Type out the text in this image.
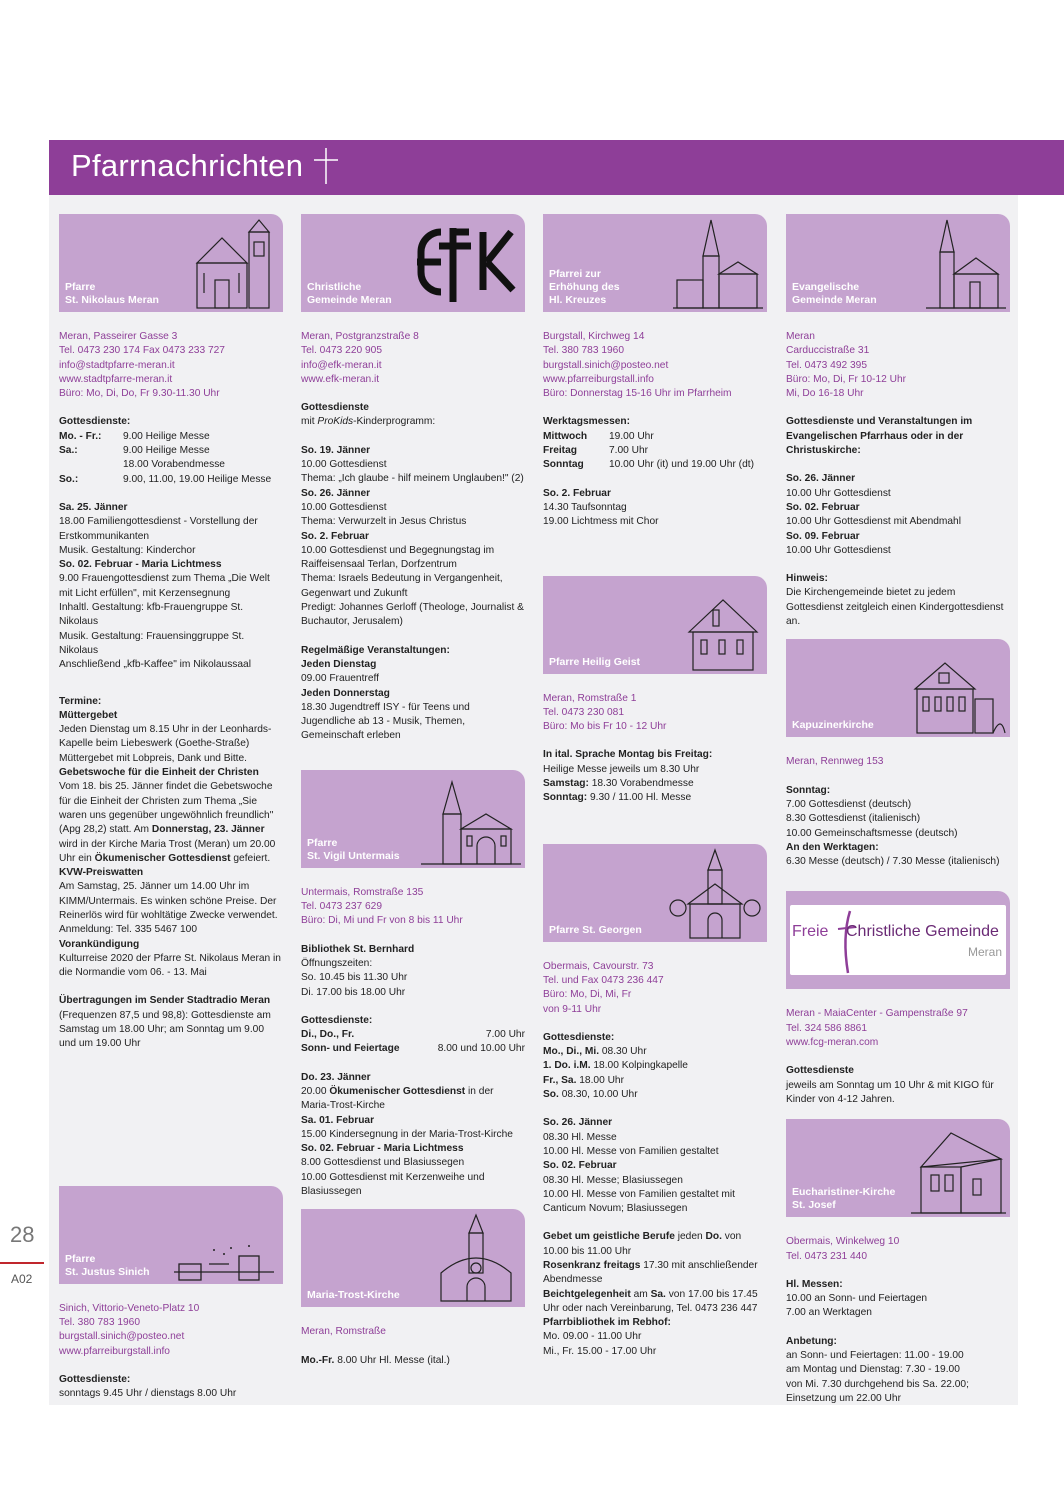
Pfarrnachrichten
28
A02
Pfarre
St. Nikolaus Meran
Meran, Passeirer Gasse 3
Tel. 0473 230 174 Fax 0473 233 727
info@stadtpfarre-meran.it
www.stadtpfarre-meran.it
Büro: Mo, Di, Do, Fr 9.30-11.30 Uhr
Gottesdienste:
Mo. - Fr.:	9.00 Heilige Messe
Sa.:	9.00 Heilige Messe
18.00 Vorabendmesse
So.:	9.00, 11.00, 19.00 Heilige Messe
Sa. 25. Jänner
18.00 Familiengottesdienst - Vorstellung der Erstkommunikanten
Musik. Gestaltung: Kinderchor
So. 02. Februar - Maria Lichtmess
9.00 Frauengottesdienst zum Thema „Die Welt mit Licht erfüllen", mit Kerzensegnung
Inhaltl. Gestaltung: kfb-Frauengruppe St. Nikolaus
Musik. Gestaltung: Frauensinggruppe St. Nikolaus
Anschließend „kfb-Kaffee" im Nikolaussaal
Termine:
Müttergebet
Jeden Dienstag um 8.15 Uhr in der Leonhards-Kapelle beim Liebeswerk (Goethe-Straße) Müttergebet mit Lobpreis, Dank und Bitte.
Gebetswoche für die Einheit der Christen
Vom 18. bis 25. Jänner findet die Gebetswoche für die Einheit der Christen zum Thema „Sie waren uns gegenüber ungewöhnlich freundlich" (Apg 28,2) statt. Am Donnerstag, 23. Jänner wird in der Kirche Maria Trost (Meran) um 20.00 Uhr ein Ökumenischer Gottesdienst gefeiert.
KVW-Preiswatten
Am Samstag, 25. Jänner um 14.00 Uhr im KIMM/Untermais. Es winken schöne Preise. Der Reinerlös wird für wohltätige Zwecke verwendet. Anmeldung: Tel. 335 5467 100
Vorankündigung
Kulturreise 2020 der Pfarre St. Nikolaus Meran in die Normandie vom 06. - 13. Mai
Übertragungen im Sender Stadtradio Meran (Frequenzen 87,5 und 98,8): Gottesdienste am Samstag um 18.00 Uhr; am Sonntag um 9.00 und um 19.00 Uhr
Pfarre
St. Justus Sinich
Sinich, Vittorio-Veneto-Platz 10
Tel. 380 783 1960
burgstall.sinich@posteo.net
www.pfarreiburgstall.info
Gottesdienste:
sonntags 9.45 Uhr / dienstags 8.00 Uhr
Christliche
Gemeinde Meran
Meran, Postgranzstraße 8
Tel. 0473 220 905
info@efk-meran.it
www.efk-meran.it
Gottesdienste
mit ProKids-Kinderprogramm:
So. 19. Jänner
10.00 Gottesdienst
Thema: „Ich glaube - hilf meinem Unglauben!" (2)
So. 26. Jänner
10.00 Gottesdienst
Thema: Verwurzelt in Jesus Christus
So. 2. Februar
10.00 Gottesdienst und Begegnungstag im Raiffeisensaal Terlan, Dorfzentrum
Thema: Israels Bedeutung in Vergangenheit, Gegenwart und Zukunft
Predigt: Johannes Gerloff (Theologe, Journalist & Buchautor, Jerusalem)
Regelmäßige Veranstaltungen:
Jeden Dienstag
09.00 Frauentreff
Jeden Donnerstag
18.30 Jugendtreff ISY - für Teens und Jugendliche ab 13 - Musik, Themen, Gemeinschaft erleben
Pfarre
St. Vigil Untermais
Untermais, Romstraße 135
Tel. 0473 237 629
Büro: Di, Mi und Fr von 8 bis 11 Uhr
Bibliothek St. Bernhard
Öffnungszeiten:
So. 10.45 bis 11.30 Uhr
Di. 17.00 bis 18.00 Uhr
Gottesdienste:
Di., Do., Fr.	7.00 Uhr
Sonn- und Feiertage	8.00 und 10.00 Uhr
Do. 23. Jänner
20.00 Ökumenischer Gottesdienst in der Maria-Trost-Kirche
Sa. 01. Februar
15.00 Kindersegnung in der Maria-Trost-Kirche
So. 02. Februar - Maria Lichtmess
8.00 Gottesdienst und Blasiussegen
10.00 Gottesdienst mit Kerzenweihe und Blasiussegen
Maria-Trost-Kirche
Meran, Romstraße
Mo.-Fr. 8.00 Uhr Hl. Messe (ital.)
Pfarrei zur
Erhöhung des
Hl. Kreuzes
Burgstall, Kirchweg 14
Tel. 380 783 1960
burgstall.sinich@posteo.net
www.pfarreiburgstall.info
Büro: Donnerstag 15-16 Uhr im Pfarrheim
Werktagsmessen:
Mittwoch	19.00 Uhr
Freitag	7.00 Uhr
Sonntag	10.00 Uhr (it) und 19.00 Uhr (dt)
So. 2. Februar
14.30 Taufsonntag
19.00 Lichtmess mit Chor
Pfarre Heilig Geist
Meran, Romstraße 1
Tel. 0473 230 081
Büro: Mo bis Fr 10 - 12 Uhr
In ital. Sprache Montag bis Freitag:
Heilige Messe jeweils um 8.30 Uhr
Samstag: 18.30 Vorabendmesse
Sonntag: 9.30 / 11.00 Hl. Messe
Pfarre St. Georgen
Obermais, Cavourstr. 73
Tel. und Fax 0473 236 447
Büro: Mo, Di, Mi, Fr
von 9-11 Uhr
Gottesdienste:
Mo., Di., Mi. 08.30 Uhr
1. Do. i.M. 18.00 Kolpingkapelle
Fr., Sa. 18.00 Uhr
So. 08.30, 10.00 Uhr
So. 26. Jänner
08.30 Hl. Messe
10.00 Hl. Messe von Familien gestaltet
So. 02. Februar
08.30 Hl. Messe; Blasiussegen
10.00 Hl. Messe von Familien gestaltet mit Canticum Novum; Blasiussegen
Gebet um geistliche Berufe jeden Do. von 10.00 bis 11.00 Uhr
Rosenkranz freitags 17.30 mit anschließender Abendmesse
Beichtgelegenheit am Sa. von 17.00 bis 17.45 Uhr oder nach Vereinbarung, Tel. 0473 236 447
Pfarrbibliothek im Rebhof:
Mo. 09.00 - 11.00 Uhr
Mi., Fr. 15.00 - 17.00 Uhr
Evangelische
Gemeinde Meran
Meran
Carduccistraße 31
Tel. 0473 492 395
Büro: Mo, Di, Fr 10-12 Uhr
Mi, Do 16-18 Uhr
Gottesdienste und Veranstaltungen im Evangelischen Pfarrhaus oder in der Christuskirche:
So. 26. Jänner
10.00 Uhr Gottesdienst
So. 02. Februar
10.00 Uhr Gottesdienst mit Abendmahl
So. 09. Februar
10.00 Uhr Gottesdienst
Hinweis:
Die Kirchengemeinde bietet zu jedem Gottesdienst zeitgleich einen Kindergottesdienst an.
Kapuzinerkirche
Meran, Rennweg 153
Sonntag:
7.00 Gottesdienst (deutsch)
8.30 Gottesdienst (italienisch)
10.00 Gemeinschaftsmesse (deutsch)
An den Werktagen:
6.30 Messe (deutsch) / 7.30 Messe (italienisch)
Freie Christliche Gemeinde
Meran
Meran - MaiaCenter - Gampenstraße 97
Tel. 324 586 8861
www.fcg-meran.com
Gottesdienste
jeweils am Sonntag um 10 Uhr & mit KIGO für Kinder von 4-12 Jahren.
Eucharistiner-Kirche
St. Josef
Obermais, Winkelweg 10
Tel. 0473 231 440
Hl. Messen:
10.00 an Sonn- und Feiertagen
7.00 an Werktagen
Anbetung:
an Sonn- und Feiertagen: 11.00 - 19.00
am Montag und Dienstag: 7.30 - 19.00
von Mi. 7.30 durchgehend bis Sa. 22.00;
Einsetzung um 22.00 Uhr
